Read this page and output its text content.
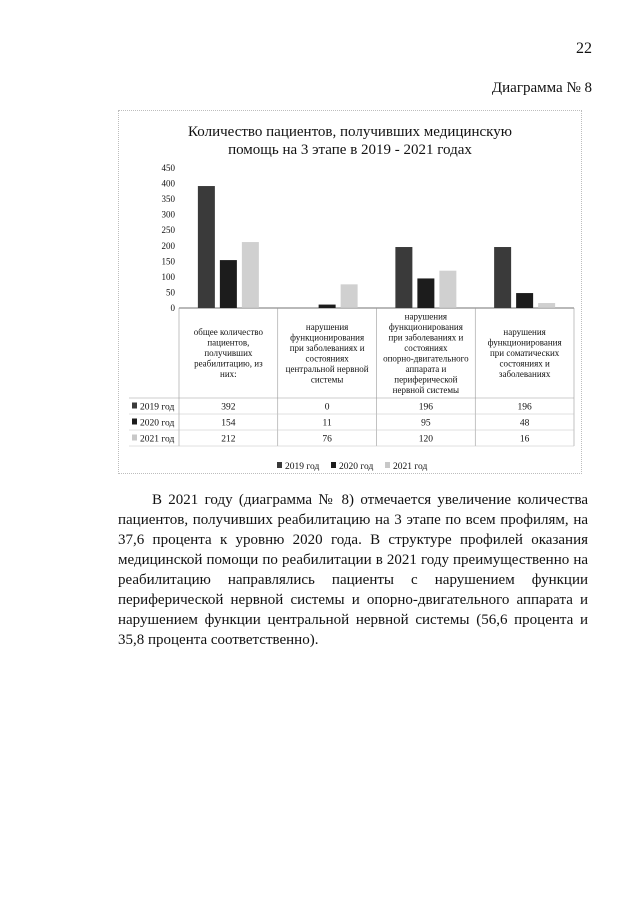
22
Диаграмма № 8
Количество пациентов, получивших медицинскую
помощь на 3 этапе в 2019 - 2021 годах
0
50
100
150
200
250
300
350
400
450
общее количество пациентов, получивших реабилитацию, из них:
нарушения функционирования при заболеваниях и состояниях центральной нервной системы
нарушения функционирования при заболеваниях и состояниях опорно-двигательного аппарата и периферической нервной системы
нарушения функционирования при соматических состояниях и заболеваниях
2019 год	392	0	196	196
2020 год	154	11	95	48
2021 год	212	76	120	16
2019 год 2020 год 2021 год

В 2021 году (диаграмма № 8) отмечается увеличение количества пациентов, получивших реабилитацию на 3 этапе по всем профилям, на 37,6 процента к уровню 2020 года. В структуре профилей оказания медицинской помощи по реабилитации в 2021 году преимущественно на реабилитацию направлялись пациенты с нарушением функции периферической нервной системы и опорно-двигательного аппарата и нарушением функции центральной нервной системы (56,6 процента и 35,8 процента соответственно).
